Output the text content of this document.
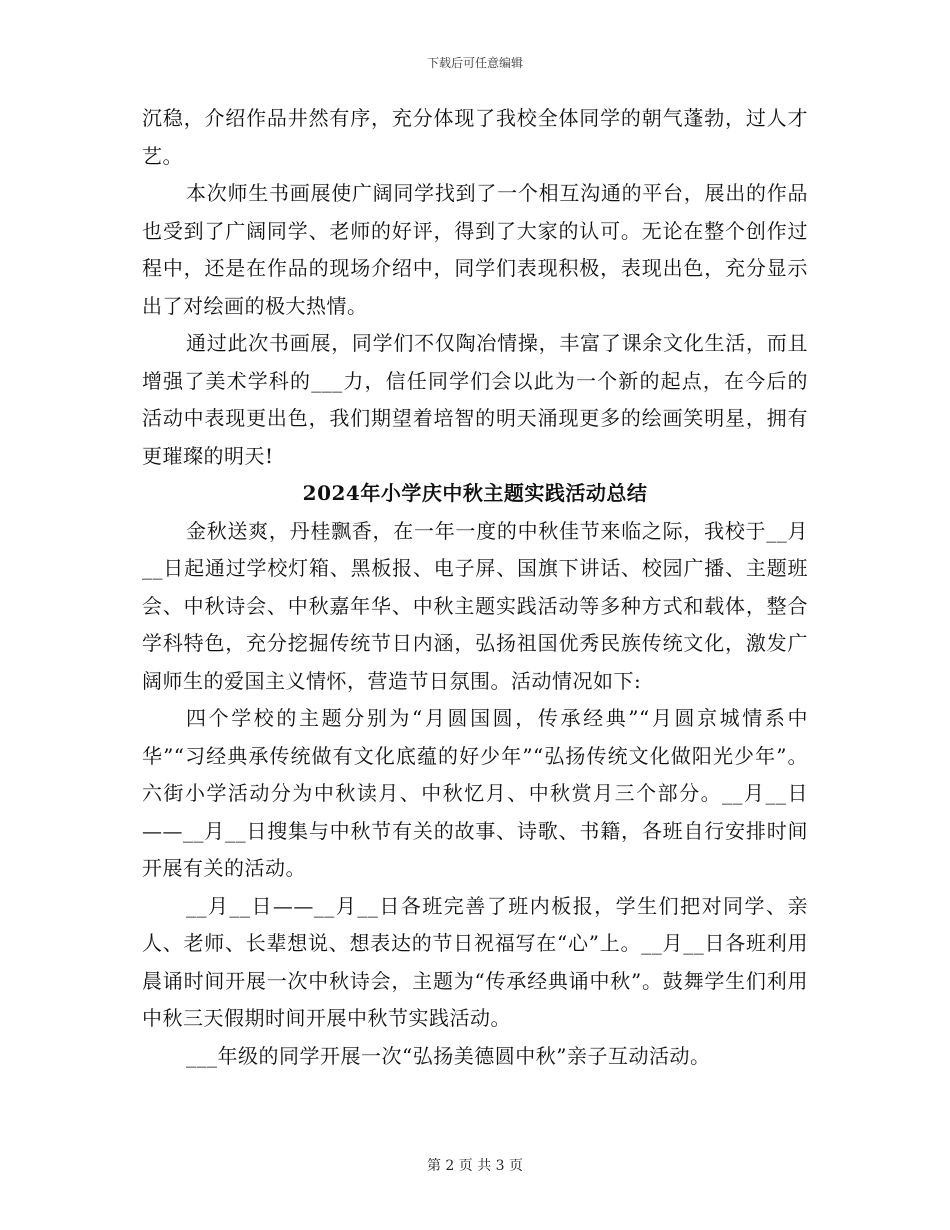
下载后可任意编辑

沉稳，介绍作品井然有序，充分体现了我校全体同学的朝气蓬勃，过人才艺。

本次师生书画展使广阔同学找到了一个相互沟通的平台，展出的作品也受到了广阔同学、老师的好评，得到了大家的认可。无论在整个创作过程中，还是在作品的现场介绍中，同学们表现积极，表现出色，充分显示出了对绘画的极大热情。

通过此次书画展，同学们不仅陶冶情操，丰富了课余文化生活，而且增强了美术学科的___力，信任同学们会以此为一个新的起点，在今后的活动中表现更出色，我们期望着培智的明天涌现更多的绘画笑明星，拥有更璀璨的明天!

2024年小学庆中秋主题实践活动总结

金秋送爽，丹桂飘香，在一年一度的中秋佳节来临之际，我校于__月__日起通过学校灯箱、黑板报、电子屏、国旗下讲话、校园广播、主题班会、中秋诗会、中秋嘉年华、中秋主题实践活动等多种方式和载体，整合学科特色，充分挖掘传统节日内涵，弘扬祖国优秀民族传统文化，激发广阔师生的爱国主义情怀，营造节日氛围。活动情况如下:

四个学校的主题分别为“月圆国圆，传承经典”“月圆京城情系中华”“习经典承传统做有文化底蕴的好少年”“弘扬传统文化做阳光少年”。六街小学活动分为中秋读月、中秋忆月、中秋赏月三个部分。__月__日——__月__日搜集与中秋节有关的故事、诗歌、书籍，各班自行安排时间开展有关的活动。

__月__日——__月__日各班完善了班内板报，学生们把对同学、亲人、老师、长辈想说、想表达的节日祝福写在“心”上。__月__日各班利用晨诵时间开展一次中秋诗会，主题为“传承经典诵中秋”。鼓舞学生们利用中秋三天假期时间开展中秋节实践活动。

___年级的同学开展一次“弘扬美德圆中秋”亲子互动活动。

第 2 页 共 3 页
